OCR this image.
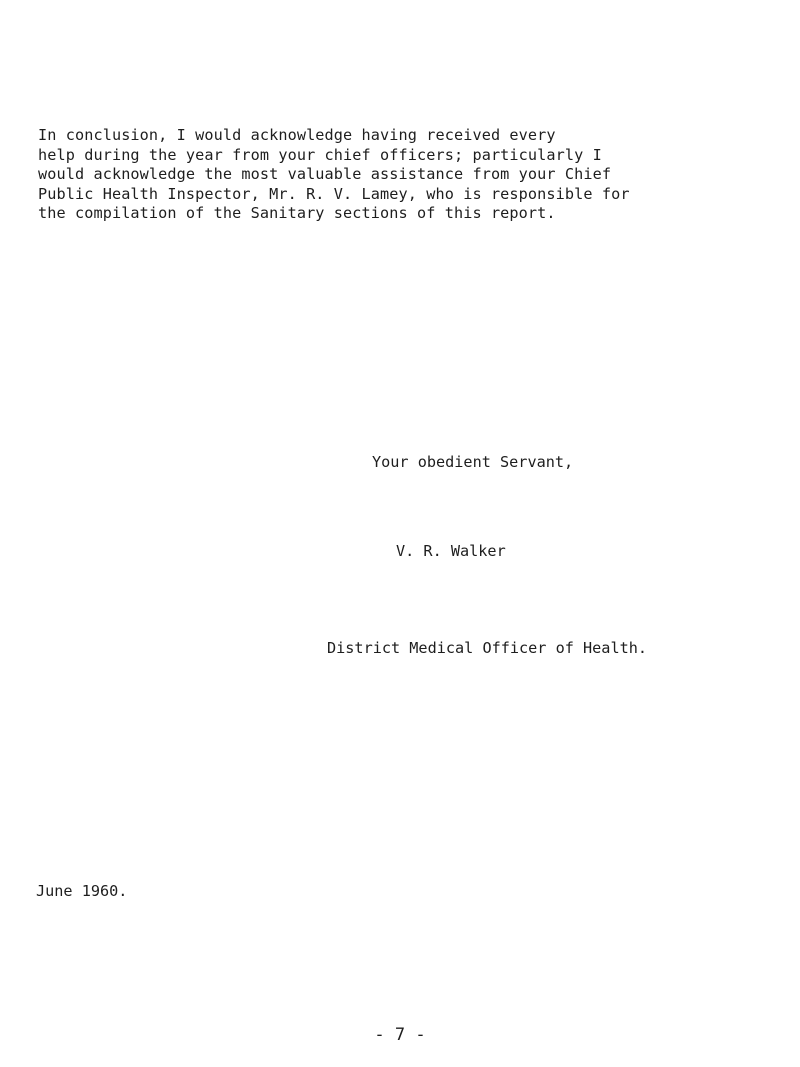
In conclusion, I would acknowledge having received every
help during the year from your chief officers; particularly I
would acknowledge the most valuable assistance from your Chief
Public Health Inspector, Mr. R. V. Lamey, who is responsible for
the compilation of the Sanitary sections of this report.

Your obedient Servant,
V. R. Walker
District Medical Officer of Health.
June 1960.
- 7 -
